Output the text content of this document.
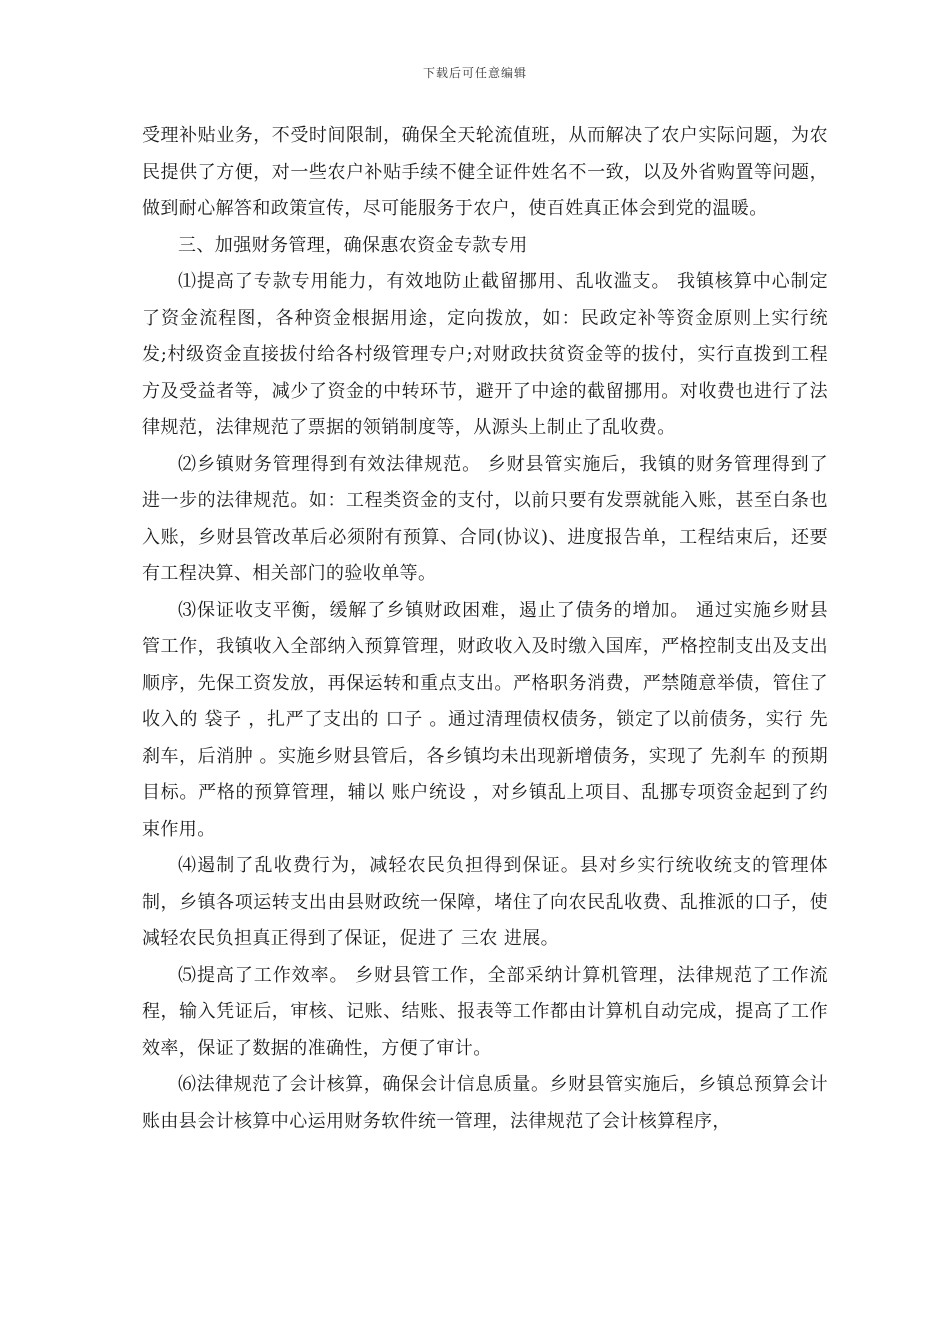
下载后可任意编辑

受理补贴业务，不受时间限制，确保全天轮流值班，从而解决了农户实际问题，为农民提供了方便，对一些农户补贴手续不健全证件姓名不一致，以及外省购置等问题，做到耐心解答和政策宣传，尽可能服务于农户，使百姓真正体会到党的温暖。

三、加强财务管理，确保惠农资金专款专用

⑴提高了专款专用能力，有效地防止截留挪用、乱收滥支。 我镇核算中心制定了资金流程图，各种资金根据用途，定向拨放，如：民政定补等资金原则上实行统发;村级资金直接拔付给各村级管理专户;对财政扶贫资金等的拔付，实行直拨到工程方及受益者等，减少了资金的中转环节，避开了中途的截留挪用。对收费也进行了法律规范，法律规范了票据的领销制度等，从源头上制止了乱收费。

⑵乡镇财务管理得到有效法律规范。 乡财县管实施后，我镇的财务管理得到了进一步的法律规范。如：工程类资金的支付，以前只要有发票就能入账，甚至白条也入账，乡财县管改革后必须附有预算、合同(协议)、进度报告单，工程结束后，还要有工程决算、相关部门的验收单等。

⑶保证收支平衡，缓解了乡镇财政困难，遏止了债务的增加。 通过实施乡财县管工作，我镇收入全部纳入预算管理，财政收入及时缴入国库，严格控制支出及支出顺序，先保工资发放，再保运转和重点支出。严格职务消费，严禁随意举债，管住了收入的 袋子 ，扎严了支出的 口子 。通过清理债权债务，锁定了以前债务，实行 先刹车，后消肿 。实施乡财县管后，各乡镇均未出现新增债务，实现了 先刹车 的预期目标。严格的预算管理，辅以 账户统设 ，对乡镇乱上项目、乱挪专项资金起到了约束作用。

⑷遏制了乱收费行为，减轻农民负担得到保证。县对乡实行统收统支的管理体制，乡镇各项运转支出由县财政统一保障，堵住了向农民乱收费、乱推派的口子，使减轻农民负担真正得到了保证，促进了 三农 进展。

⑸提高了工作效率。 乡财县管工作，全部采纳计算机管理，法律规范了工作流程，输入凭证后，审核、记账、结账、报表等工作都由计算机自动完成，提高了工作效率，保证了数据的准确性，方便了审计。

⑹法律规范了会计核算，确保会计信息质量。乡财县管实施后，乡镇总预算会计账由县会计核算中心运用财务软件统一管理，法律规范了会计核算程序，
